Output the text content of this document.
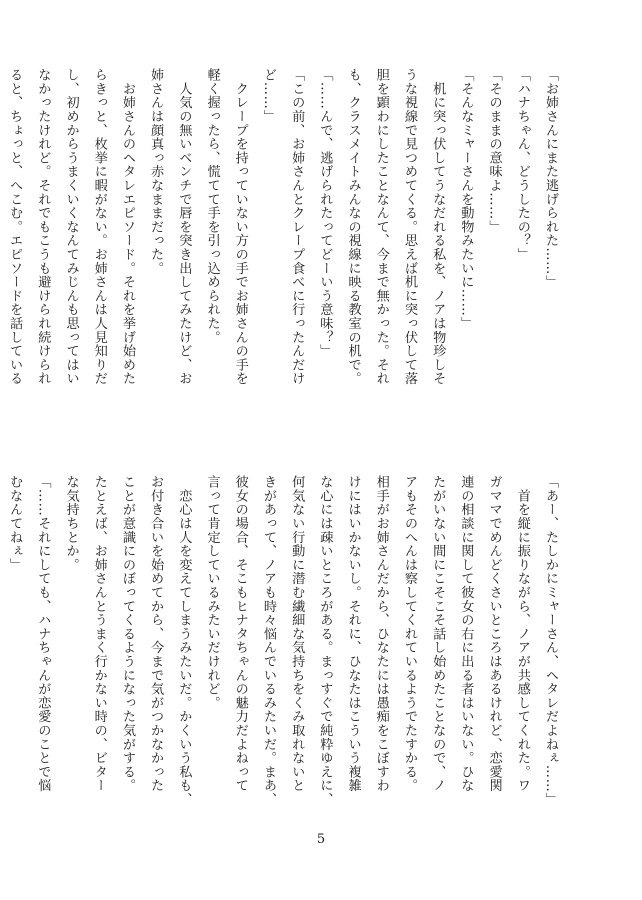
「お姉さんにまた逃げられた……」
「ハナちゃん、どうしたの？」
「そのままの意味よ……」
「そんなミャーさんを動物みたいに……」
　机に突っ伏してうなだれる私を、ノアは物珍しそ
うな視線で見つめてくる。思えば机に突っ伏して落
胆を顕わにしたことなんて、今まで無かった。それ
も、クラスメイトみんなの視線に映る教室の机で。
「……んで、逃げられたってどーいう意味？」
「この前、お姉さんとクレープ食べに行ったんだけ
ど……」
　クレープを持っていない方の手でお姉さんの手を
軽く握ったら、慌てて手を引っ込められた。
　人気の無いベンチで唇を突き出してみたけど、お
姉さんは顔真っ赤なままだった。
　お姉さんのヘタレエピソード。それを挙げ始めた
らきっと、枚挙に暇がない。お姉さんは人見知りだ
し、初めからうまくいくなんてみじんも思ってはい
なかったけれど。それでもこうも避けられ続けられ
ると、ちょっと、へこむ。エピソードを話している
「あー、たしかにミャーさん、ヘタレだよねぇ……」
　首を縦に振りながら、ノアが共感してくれた。ワ
ガママでめんどくさいところはあるけれど、恋愛関
連の相談に関して彼女の右に出る者はいない。ひな
たがいない間にこそこそ話し始めたことなので、ノ
アもそのへんは察してくれているようでたすかる。
相手がお姉さんだから、ひなたには愚痴をこぼすわ
けにはいかないし。それに、ひなたはこういう複雑
な心には疎いところがある。まっすぐで純粋ゆえに、
何気ない行動に潜む繊細な気持ちをくみ取れないと
きがあって、ノアも時々悩んでいるみたいだ。まあ、
彼女の場合、そこもヒナタちゃんの魅力だよねって
言って肯定しているみたいだけれど。
　恋心は人を変えてしまうみたいだ。かくいう私も、
お付き合いを始めてから、今まで気がつかなかった
ことが意識にのぼってくるようになった気がする。
たとえば、お姉さんとうまく行かない時の、ビター
な気持ちとか。
「……それにしても、ハナちゃんが恋愛のことで悩
むなんてねぇ」
5
